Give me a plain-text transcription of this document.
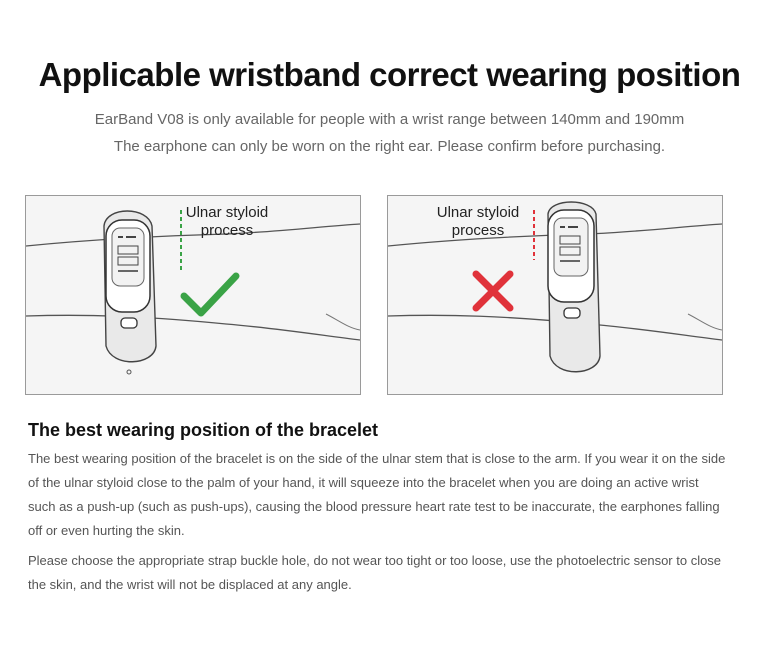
Applicable wristband correct wearing position
EarBand V08 is only available for people with a wrist range between 140mm and 190mm
The earphone can only be worn on the right ear. Please confirm before purchasing.
Ulnar styloid
process
Ulnar styloid
process
The best wearing position of the bracelet
The best wearing position of the bracelet is on the side of the ulnar stem that is close to the arm. If you wear it on the side of the ulnar styloid close to the palm of your hand, it will squeeze into the bracelet when you are doing an active wrist such as a push-up (such as push-ups), causing the blood pressure heart rate test to be inaccurate, the earphones falling off or even hurting the skin.
Please choose the appropriate strap buckle hole, do not wear too tight or too loose, use the photoelectric sensor to close the skin, and the wrist will not be displaced at any angle.
